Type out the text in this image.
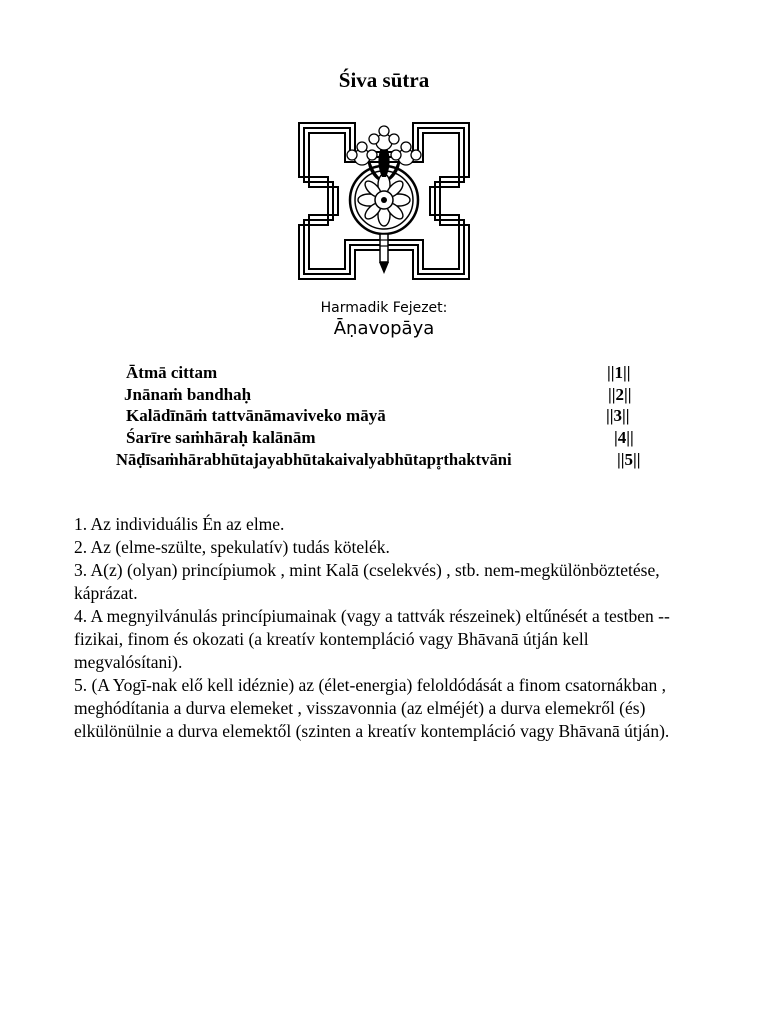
Śiva sūtra
Harmadik Fejezet:
Āṇavopāya
Ātmā cittam	||1||
Jnānaṁ bandhaḥ	||2||
Kalādīnāṁ tattvānāmaviveko māyā	||3||
Śarīre saṁhāraḥ kalānām	|4||
Nāḍīsaṁhārabhūtajayabhūtakaivalyabhūtapr̥thaktvāni	||5||

1. Az individuális Én az elme.

2. Az (elme-szülte, spekulatív) tudás kötelék.

3. A(z) (olyan) princípiumok , mint Kalā (cselekvés) , stb. nem-megkülönböztetése, káprázat.

4. A megnyilvánulás princípiumainak (vagy a tattvák részeinek) eltűnését a testben --fizikai, finom és okozati (a kreatív kontempláció vagy Bhāvanā útján kell megvalósítani).

5. (A Yogī-nak elő kell idéznie) az (élet-energia) feloldódását a finom csatornákban , meghódítania a durva elemeket , visszavonnia (az elméjét) a durva elemekről (és) elkülönülnie a durva elemektől (szinten a kreatív kontempláció vagy Bhāvanā útján).
